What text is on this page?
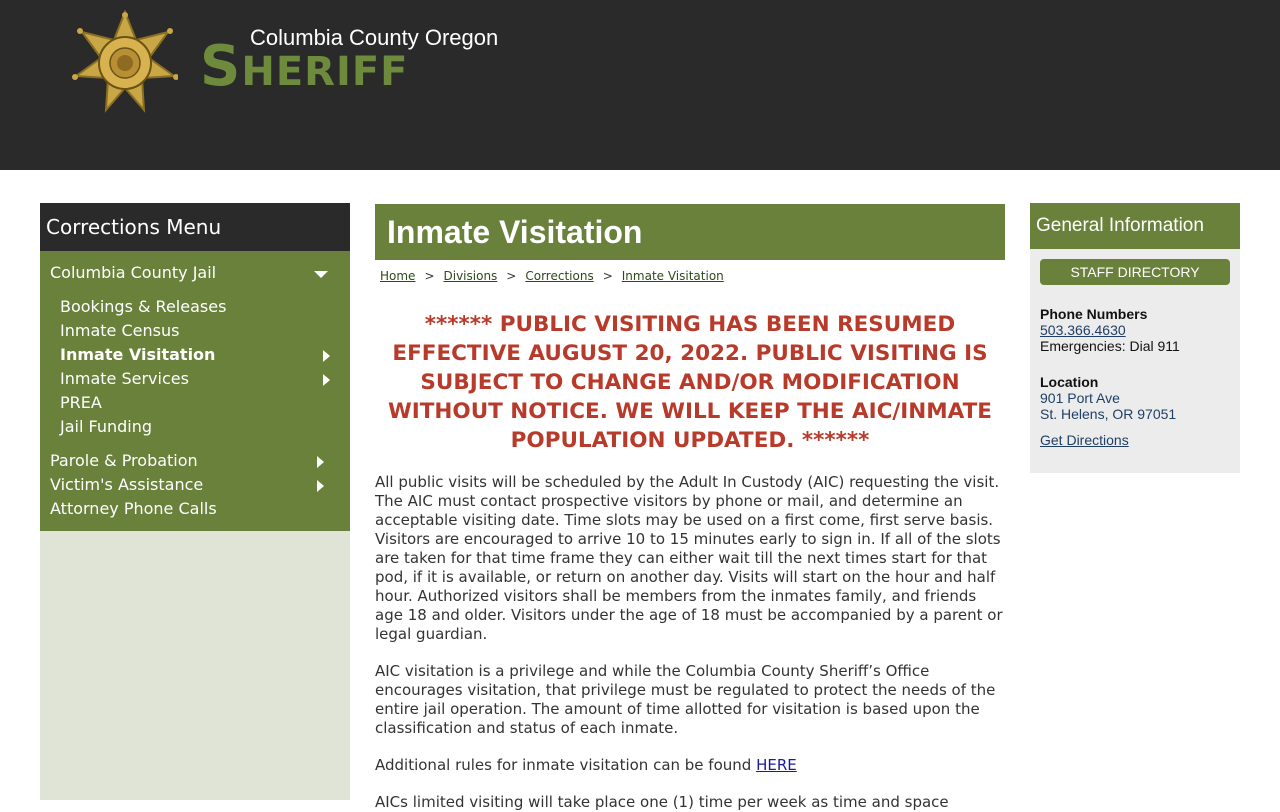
Columbia County Oregon
SHERIFF
Corrections Menu
Columbia County Jail
Bookings & Releases
Inmate Census
Inmate Visitation
Inmate Services
PREA
Jail Funding
Parole & Probation
Victim's Assistance
Attorney Phone Calls
Inmate Visitation
Home > Divisions > Corrections > Inmate Visitation
****** PUBLIC VISITING HAS BEEN RESUMED EFFECTIVE AUGUST 20, 2022. PUBLIC VISITING IS SUBJECT TO CHANGE AND/OR MODIFICATION WITHOUT NOTICE. WE WILL KEEP THE AIC/INMATE POPULATION UPDATED. ******
All public visits will be scheduled by the Adult In Custody (AIC) requesting the visit. The AIC must contact prospective visitors by phone or mail, and determine an acceptable visiting date. Time slots may be used on a first come, first serve basis. Visitors are encouraged to arrive 10 to 15 minutes early to sign in. If all of the slots are taken for that time frame they can either wait till the next times start for that pod, if it is available, or return on another day. Visits will start on the hour and half hour. Authorized visitors shall be members from the inmates family, and friends age 18 and older. Visitors under the age of 18 must be accompanied by a parent or legal guardian.
AIC visitation is a privilege and while the Columbia County Sheriff’s Office encourages visitation, that privilege must be regulated to protect the needs of the entire jail operation. The amount of time allotted for visitation is based upon the classification and status of each inmate.
Additional rules for inmate visitation can be found HERE
AICs limited visiting will take place one (1) time per week as time and space
General Information
STAFF DIRECTORY
Phone Numbers
503.366.4630
Emergencies: Dial 911
Location
901 Port Ave
St. Helens, OR 97051
Get Directions
